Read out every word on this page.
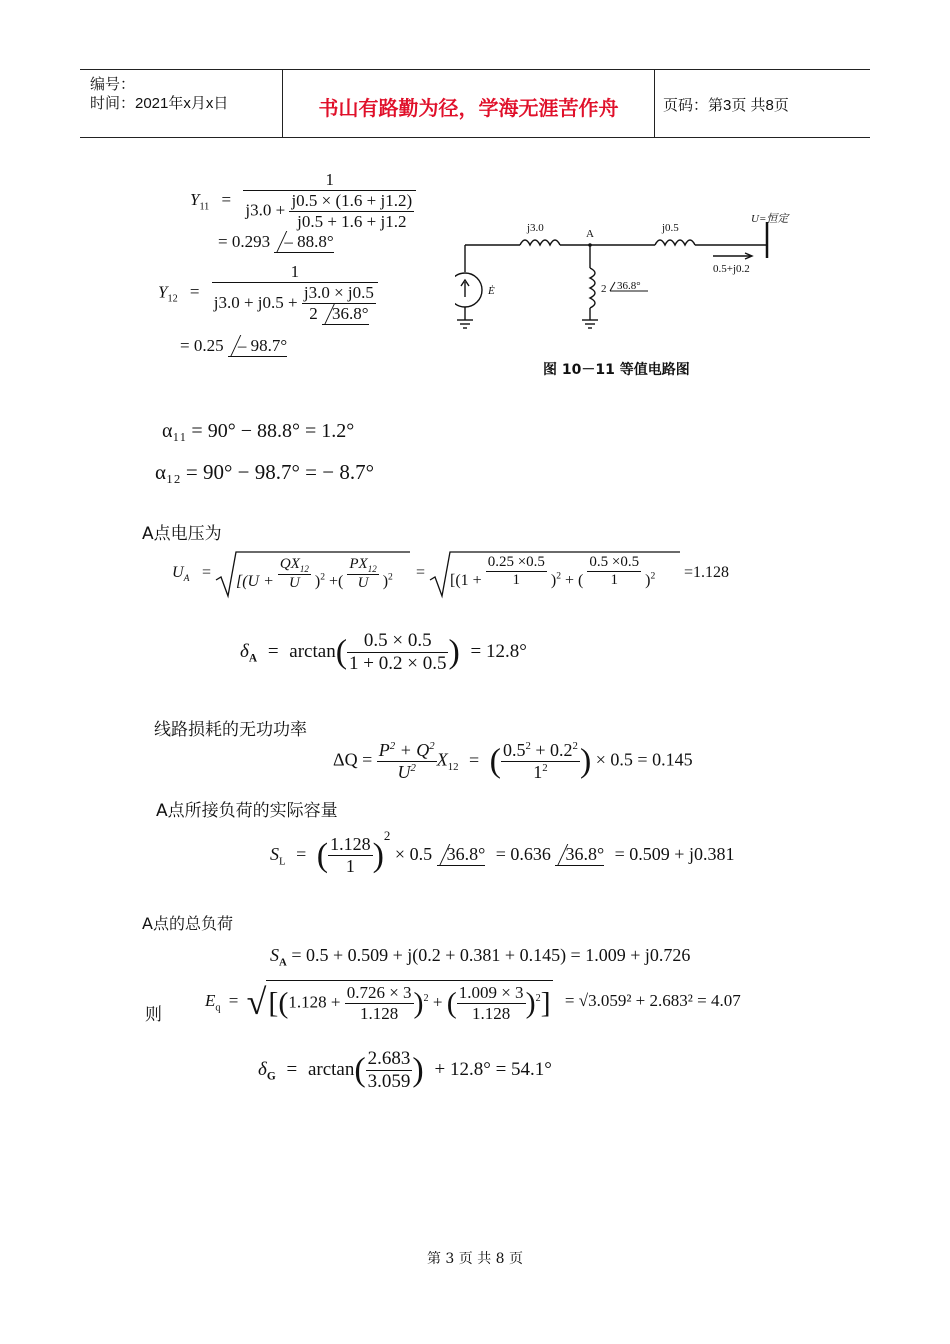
编号：
时间：2021年x月x日	书山有路勤为径，学海无涯苦作舟	页码：第3页 共8页
$Y_{11}$ =
1
$j3.0 + \frac{j0.5 \times (1.6 + j1.2)}{j0.5 + 1.6 + j1.2}$
= 0.293 – 88.8°
$Y_{12} = \frac{1}{j3.0 + j0.5 + \frac{j3.0 \times j0.5}{2 36.8^\circ}}$
= 0.25 – 98.7°
j3.0	A	j0.5
U=恒定
0.5+j0.2
2 36.8°
Ė
图 10－11 等值电路图
α₁₁ = 90° − 88.8° = 1.2°
α₁₂ = 90° − 98.7° = − 8.7°
A点电压为
$U_A$ =
[$(U + \frac{QX_{12}}{U} )^2$ +( $\frac{PX_{12}}{U} )^2 = [(1 + \frac{0.25 \times 0.5}{1} )^2$ + ( $\frac{0.5 \times 0.5}{1} )^2 =1.128$
$\delta_A = \arctan( \frac{0.5 \times 0.5}{1 + 0.2 \times 0.5}$ ) = 12.8°
线路损耗的无功功率
$\Delta Q = \frac{P^2 + Q^2}{U^2} X_{12}$ = ( $\frac{0.5^2 + 0.2^2}{1^2}$ ) × 0.5 = 0.145
A点所接负荷的实际容量
$S_L$ = ( $\frac{1.128}{1} )^2 \times 0.5$ 36.8° = 0.636 36.8° = 0.509 + j0.381
A点的总负荷
$S_A = 0.5 + 0.509 + j(0.2 + 0.381 + 0.145) = 1.009 + j0.726$
则
$E_q = √[(1.128 + \frac{0.726 \times 3}{1.128} )^2$ + ( $\frac{1.009 \times 3}{1.128} )^2] = √3.059^2 + 2.683^2 = 4.07$
$\delta_G = \arctan( \frac{2.683}{3.059}$ ) + 12.8° = 54.1°
第 3 页 共 8 页
